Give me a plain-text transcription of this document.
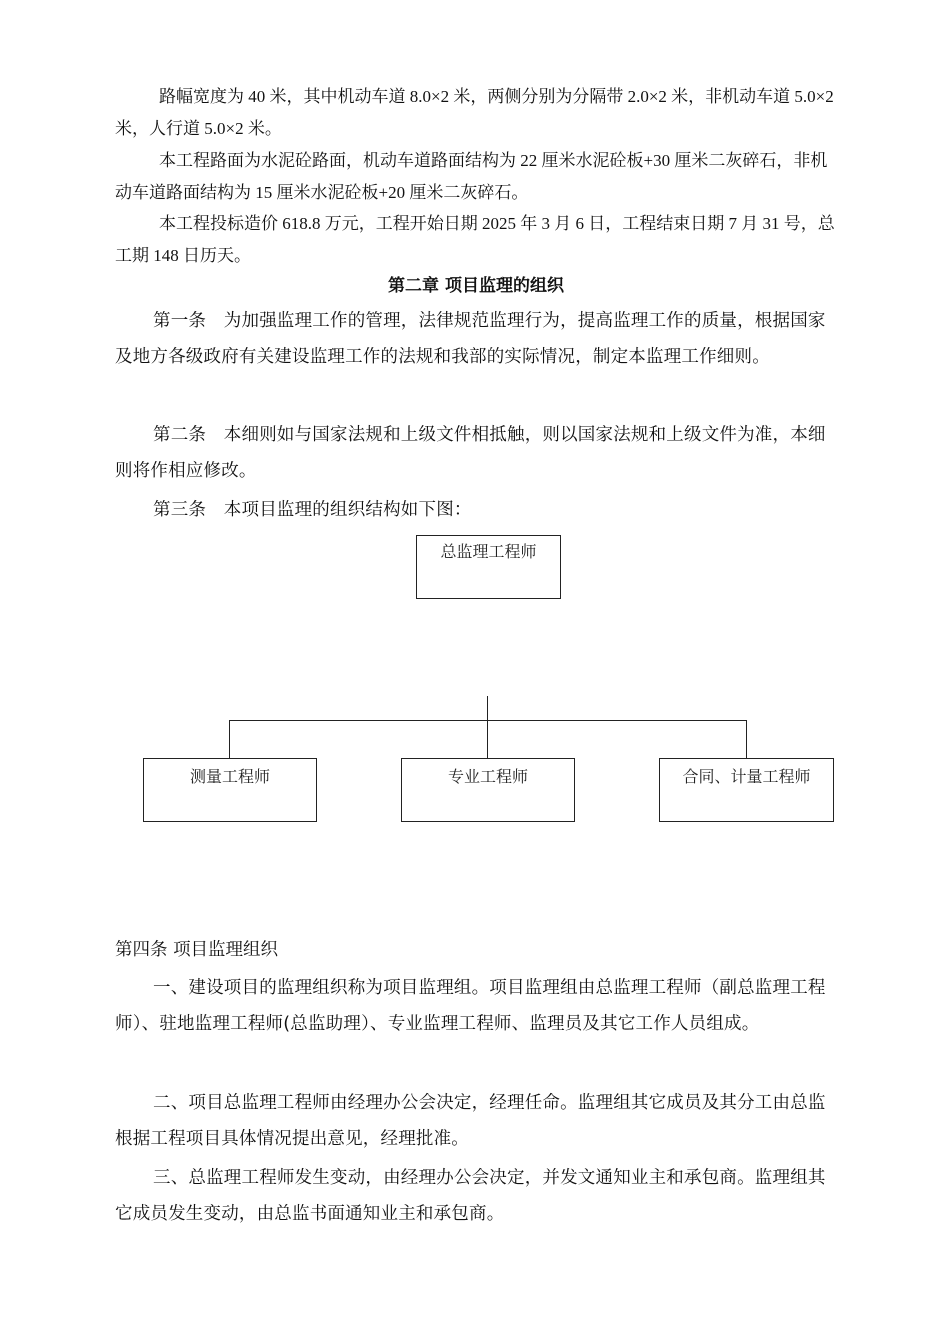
路幅宽度为 40 米，其中机动车道 8.0×2 米，两侧分别为分隔带 2.0×2 米，非机动车道 5.0×2 米，人行道 5.0×2 米。

本工程路面为水泥砼路面，机动车道路面结构为 22 厘米水泥砼板+30 厘米二灰碎石，非机动车道路面结构为 15 厘米水泥砼板+20 厘米二灰碎石。

本工程投标造价 618.8 万元，工程开始日期 2025 年 3 月 6 日，工程结束日期 7 月 31 号，总工期 148 日历天。

第二章 项目监理的组织

第一条　为加强监理工作的管理，法律规范监理行为，提高监理工作的质量，根据国家及地方各级政府有关建设监理工作的法规和我部的实际情况，制定本监理工作细则。

第二条　本细则如与国家法规和上级文件相抵触，则以国家法规和上级文件为准，本细则将作相应修改。

第三条　本项目监理的组织结构如下图：

总监理工程师
测量工程师	专业工程师	合同、计量工程师

第四条 项目监理组织

一、建设项目的监理组织称为项目监理组。项目监理组由总监理工程师（副总监理工程师）、驻地监理工程师(总监助理）、专业监理工程师、监理员及其它工作人员组成。

二、项目总监理工程师由经理办公会决定，经理任命。监理组其它成员及其分工由总监根据工程项目具体情况提出意见，经理批准。

三、总监理工程师发生变动，由经理办公会决定，并发文通知业主和承包商。监理组其它成员发生变动，由总监书面通知业主和承包商。
